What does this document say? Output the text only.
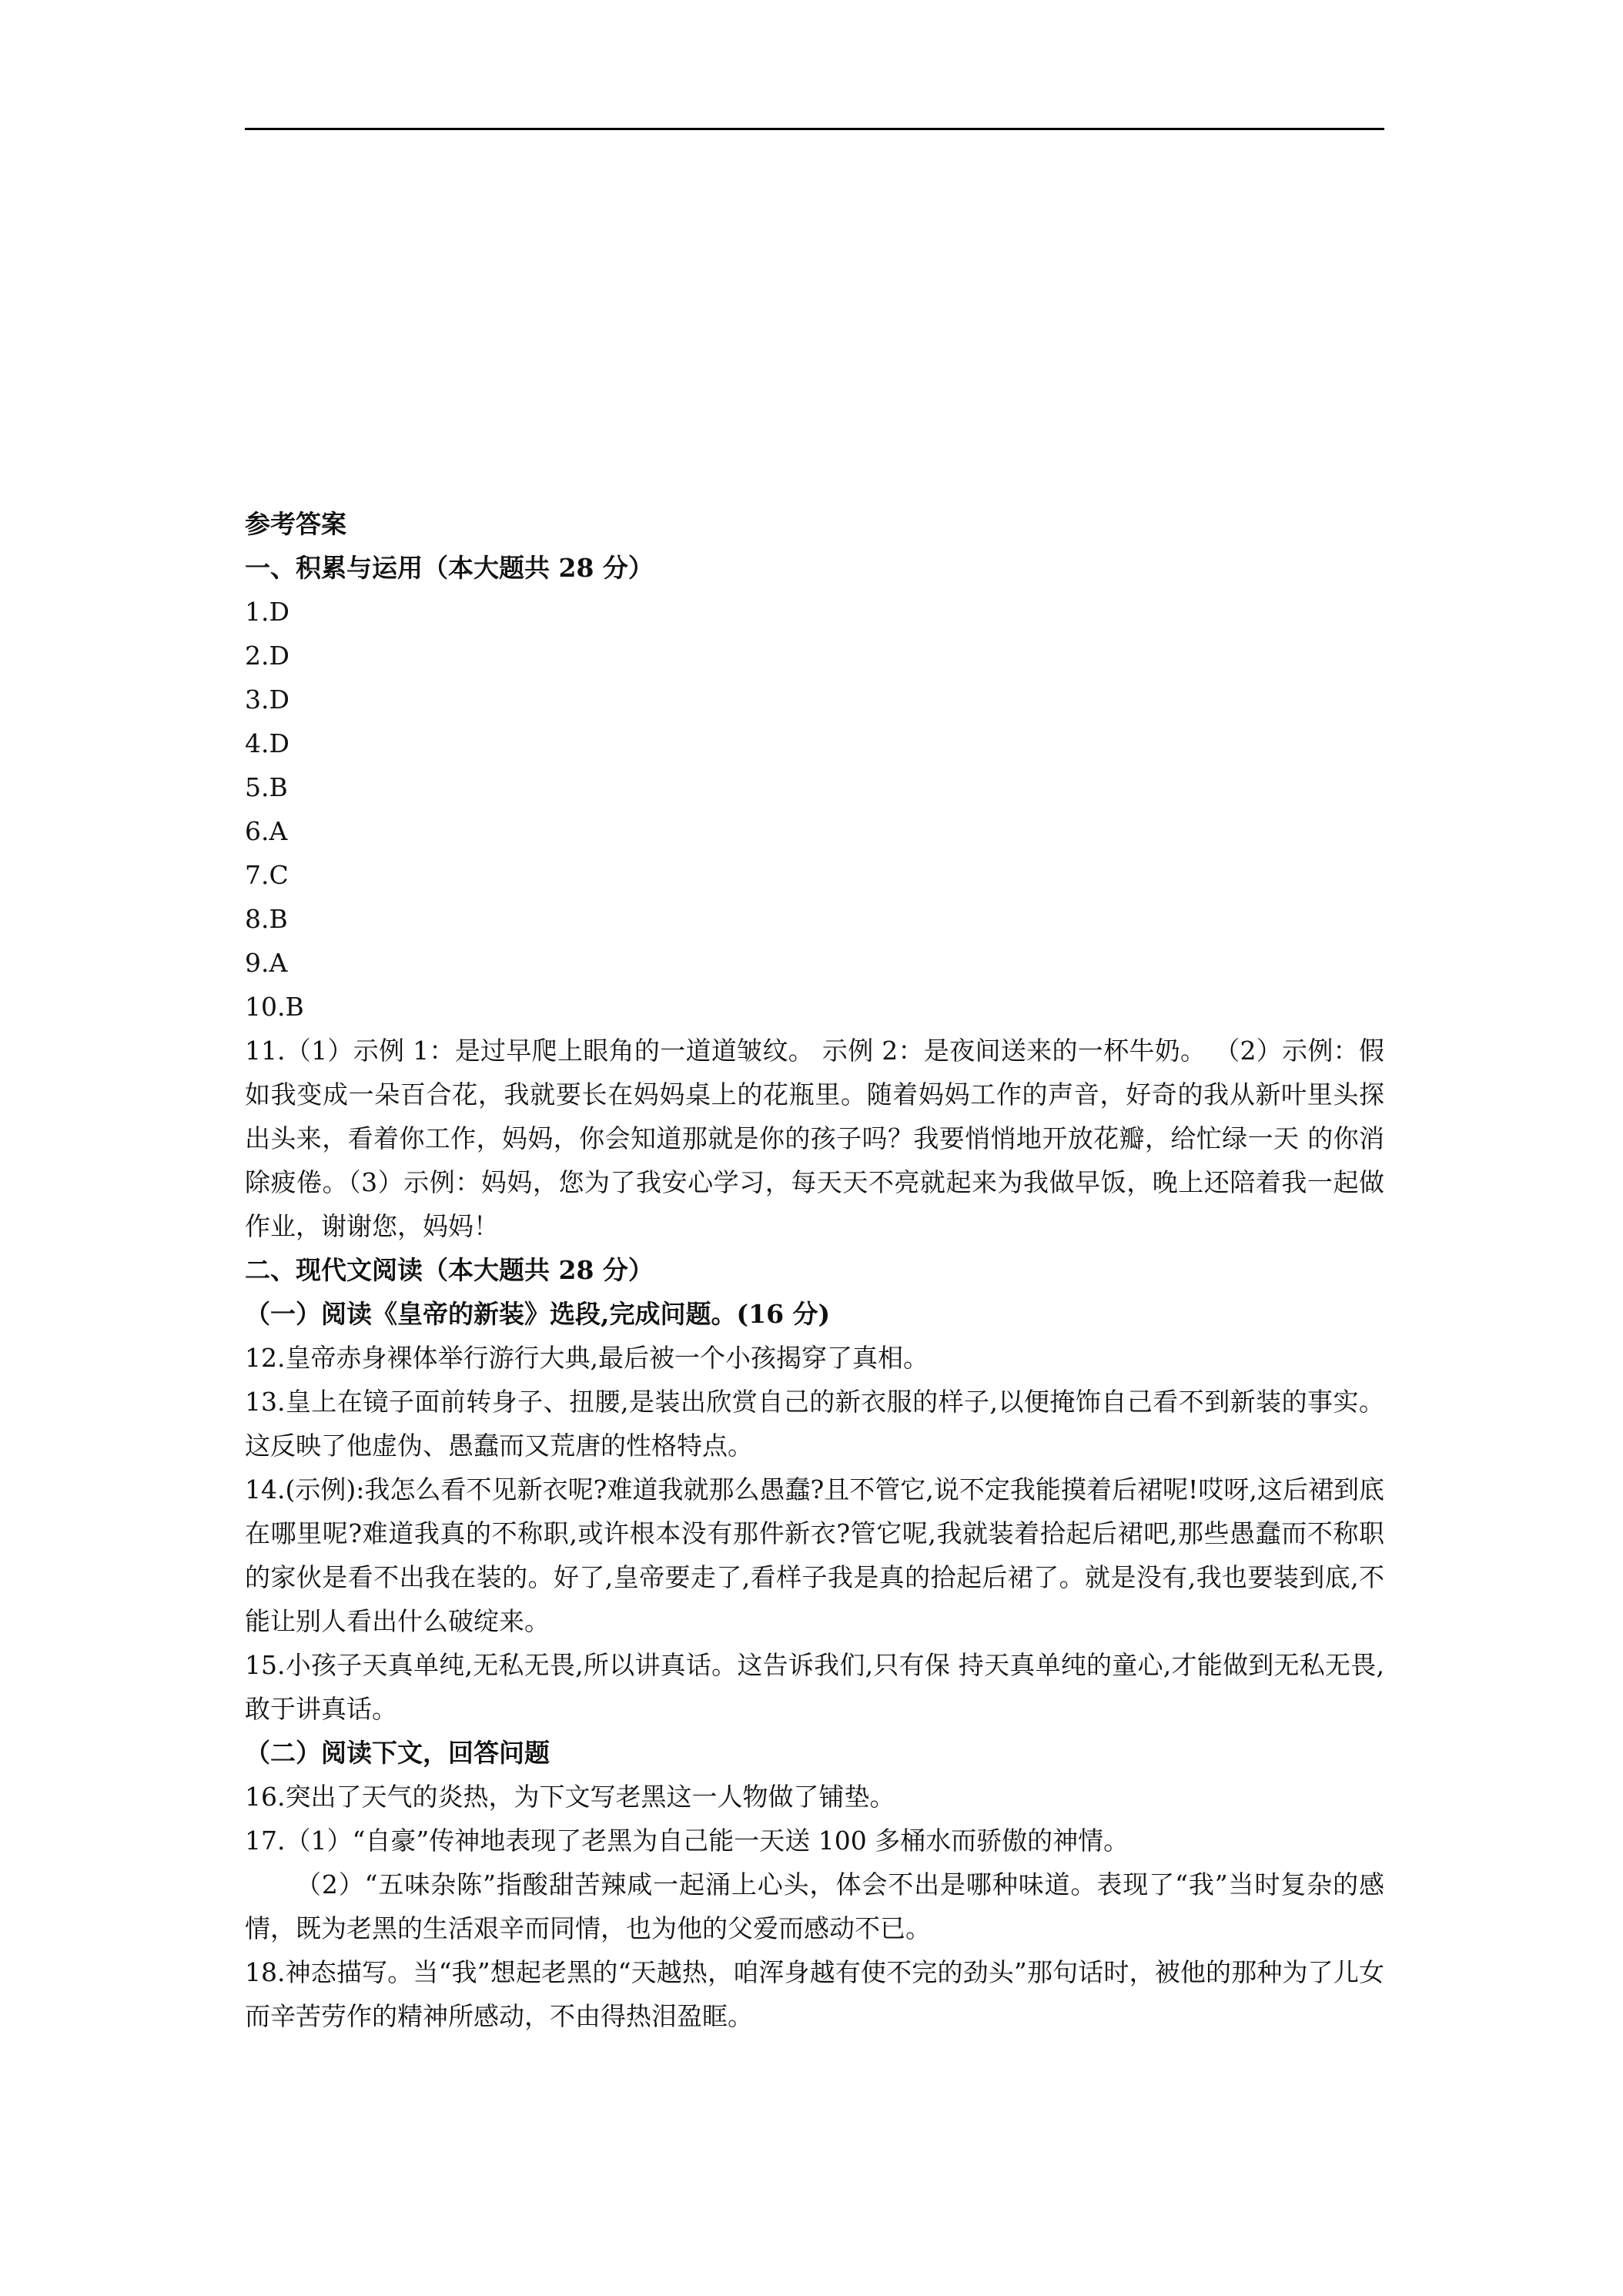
参考答案
一、积累与运用（本大题共 28 分）
1.D
2.D
3.D
4.D
5.B
6.A
7.C
8.B
9.A
10.B
11.（1）示例 1：是过早爬上眼角的一道道皱纹。 示例 2：是夜间送来的一杯牛奶。 （2）示例：假如我变成一朵百合花，我就要长在妈妈桌上的花瓶里。随着妈妈工作的声音，好奇的我从新叶里头探出头来，看着你工作，妈妈，你会知道那就是你的孩子吗？我要悄悄地开放花瓣，给忙绿一天 的你消除疲倦。（3）示例：妈妈，您为了我安心学习，每天天不亮就起来为我做早饭，晚上还陪着我一起做作业，谢谢您，妈妈！
二、现代文阅读（本大题共 28 分）
（一）阅读《皇帝的新装》选段,完成问题。(16 分)
12.皇帝赤身裸体举行游行大典,最后被一个小孩揭穿了真相。
13.皇上在镜子面前转身子、扭腰,是装出欣赏自己的新衣服的样子,以便掩饰自己看不到新装的事实。这反映了他虚伪、愚蠢而又荒唐的性格特点。
14.(示例):我怎么看不见新衣呢?难道我就那么愚蠢?且不管它,说不定我能摸着后裙呢!哎呀,这后裙到底在哪里呢?难道我真的不称职,或许根本没有那件新衣?管它呢,我就装着拾起后裙吧,那些愚蠢而不称职的家伙是看不出我在装的。好了,皇帝要走了,看样子我是真的拾起后裙了。就是没有,我也要装到底,不能让别人看出什么破绽来。
15.小孩子天真单纯,无私无畏,所以讲真话。这告诉我们,只有保 持天真单纯的童心,才能做到无私无畏,敢于讲真话。
（二）阅读下文，回答问题
16.突出了天气的炎热，为下文写老黑这一人物做了铺垫。
17.（1）“自豪”传神地表现了老黑为自己能一天送 100 多桶水而骄傲的神情。
（2）“五味杂陈”指酸甜苦辣咸一起涌上心头，体会不出是哪种味道。表现了“我”当时复杂的感情，既为老黑的生活艰辛而同情，也为他的父爱而感动不已。
18.神态描写。当“我”想起老黑的“天越热，咱浑身越有使不完的劲头”那句话时，被他的那种为了儿女而辛苦劳作的精神所感动，不由得热泪盈眶。
